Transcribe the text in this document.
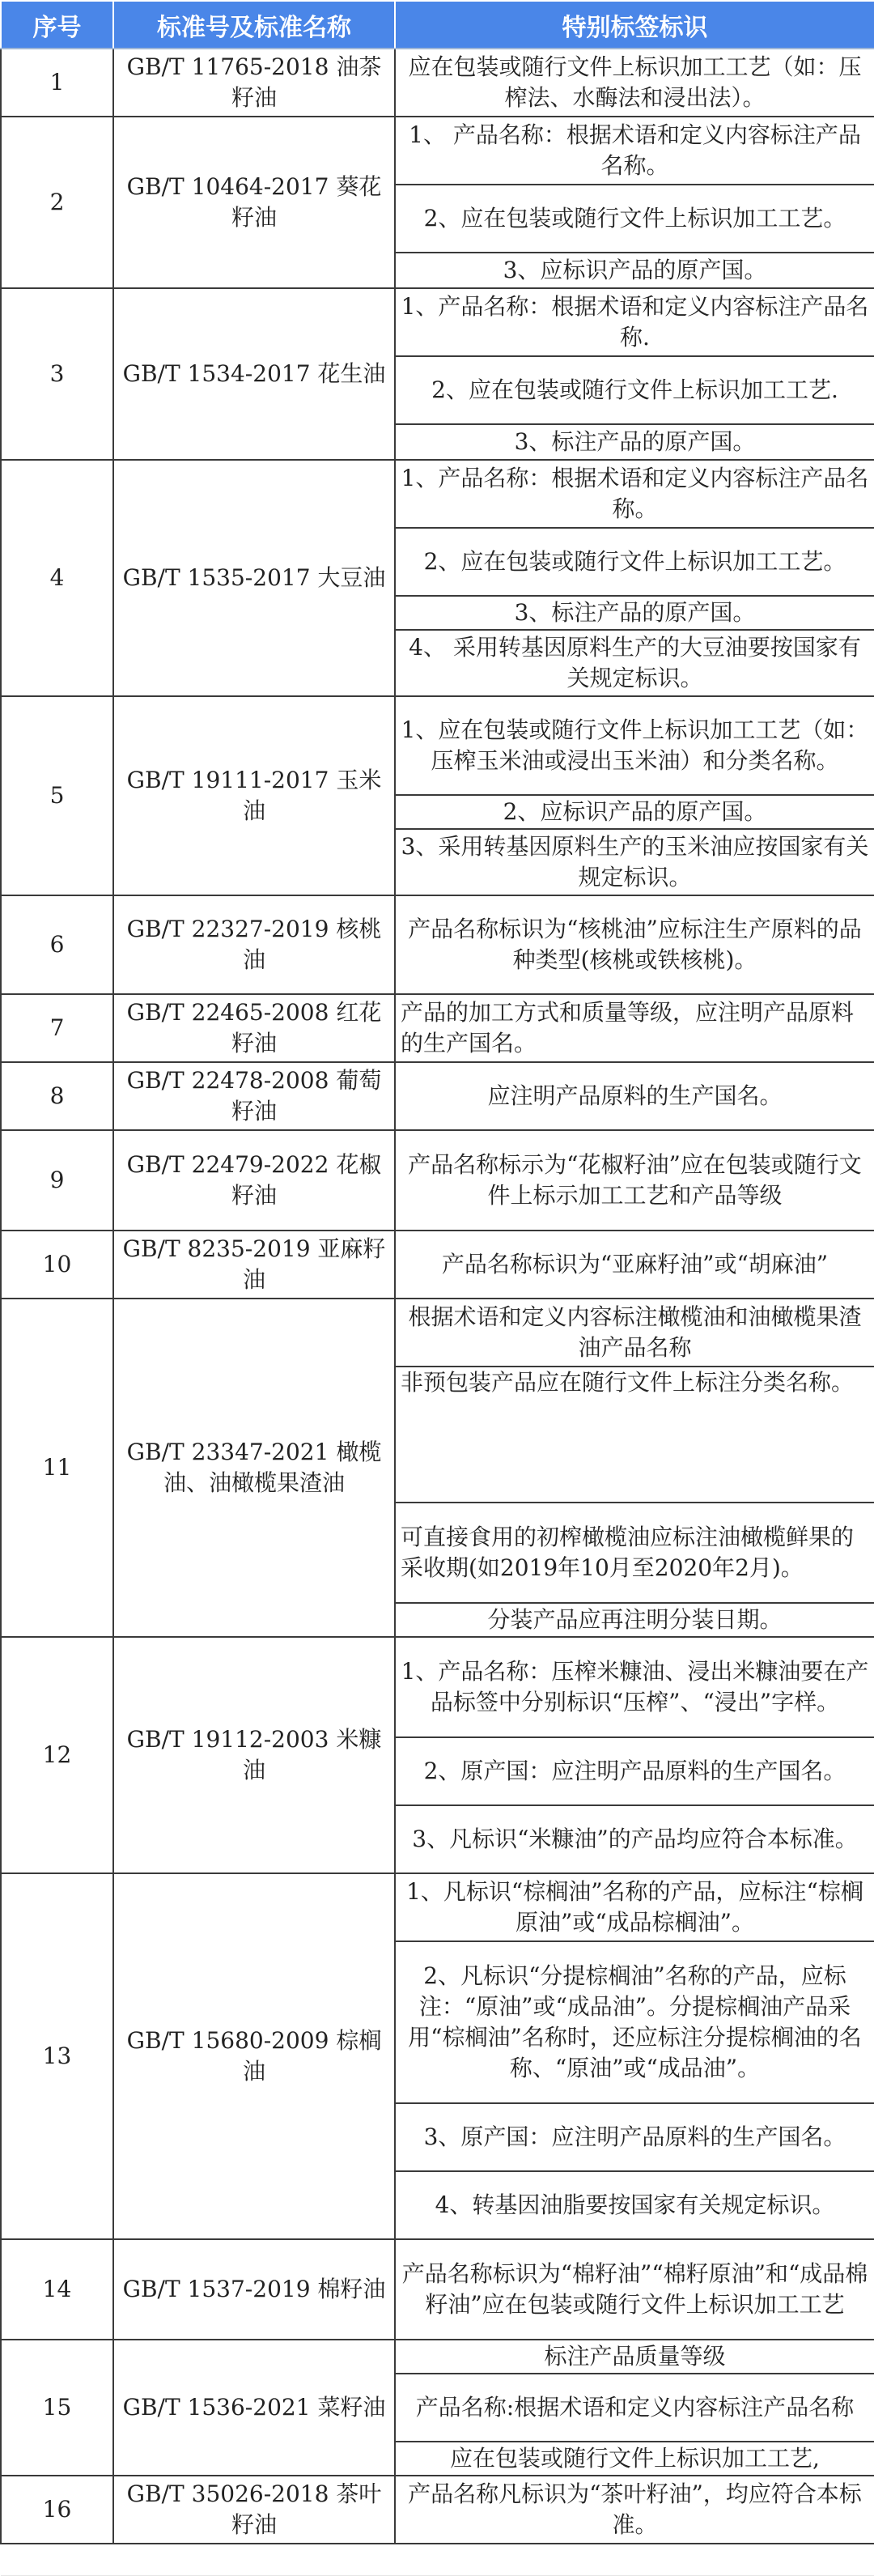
序号	标准号及标准名称	特别标签标识
1	GB/T 11765-2018 油茶籽油	应在包装或随行文件上标识加工工艺（如：压榨法、水酶法和浸出法）。
2	GB/T 10464-2017 葵花籽油	1、 产品名称：根据术语和定义内容标注产品名称。
		2、应在包装或随行文件上标识加工工艺。
		3、应标识产品的原产国。
3	GB/T 1534-2017 花生油	1、产品名称：根据术语和定义内容标注产品名称.
		2、应在包装或随行文件上标识加工工艺.
		3、标注产品的原产国。
4	GB/T 1535-2017 大豆油	1、产品名称：根据术语和定义内容标注产品名称。
		2、应在包装或随行文件上标识加工工艺。
		3、标注产品的原产国。
		4、 采用转基因原料生产的大豆油要按国家有关规定标识。
5	GB/T 19111-2017 玉米油	1、应在包装或随行文件上标识加工工艺（如：压榨玉米油或浸出玉米油）和分类名称。
		2、应标识产品的原产国。
		3、采用转基因原料生产的玉米油应按国家有关规定标识。
6	GB/T 22327-2019 核桃油	产品名称标识为“核桃油”应标注生产原料的品种类型(核桃或铁核桃)。
7	GB/T 22465-2008 红花籽油	产品的加工方式和质量等级，应注明产品原料的生产国名。
8	GB/T 22478-2008 葡萄籽油	应注明产品原料的生产国名。
9	GB/T 22479-2022 花椒籽油	产品名称标示为“花椒籽油”应在包装或随行文件上标示加工工艺和产品等级
10	GB/T 8235-2019 亚麻籽油	产品名称标识为“亚麻籽油”或“胡麻油”
11	GB/T 23347-2021 橄榄油、油橄榄果渣油	根据术语和定义内容标注橄榄油和油橄榄果渣油产品名称
		非预包装产品应在随行文件上标注分类名称。
		可直接食用的初榨橄榄油应标注油橄榄鲜果的采收期(如2019年10月至2020年2月)。
		分装产品应再注明分装日期。
12	GB/T 19112-2003 米糠油	1、产品名称：压榨米糠油、浸出米糠油要在产品标签中分别标识“压榨”、“浸出”字样。
		2、原产国：应注明产品原料的生产国名。
		3、凡标识“米糠油”的产品均应符合本标准。
13	GB/T 15680-2009 棕榈油	1、凡标识“棕榈油”名称的产品，应标注“棕榈原油”或“成品棕榈油”。
		2、凡标识“分提棕榈油”名称的产品，应标注：“原油”或“成品油”。分提棕榈油产品采用“棕榈油”名称时，还应标注分提棕榈油的名称、“原油”或“成品油”。
		3、原产国：应注明产品原料的生产国名。
		4、转基因油脂要按国家有关规定标识。
14	GB/T 1537-2019 棉籽油	产品名称标识为“棉籽油”“棉籽原油”和“成品棉籽油”应在包装或随行文件上标识加工工艺
15	GB/T 1536-2021 菜籽油	标注产品质量等级
		产品名称:根据术语和定义内容标注产品名称
		应在包装或随行文件上标识加工工艺,
16	GB/T 35026-2018 茶叶籽油	产品名称凡标识为“茶叶籽油”，均应符合本标准。
